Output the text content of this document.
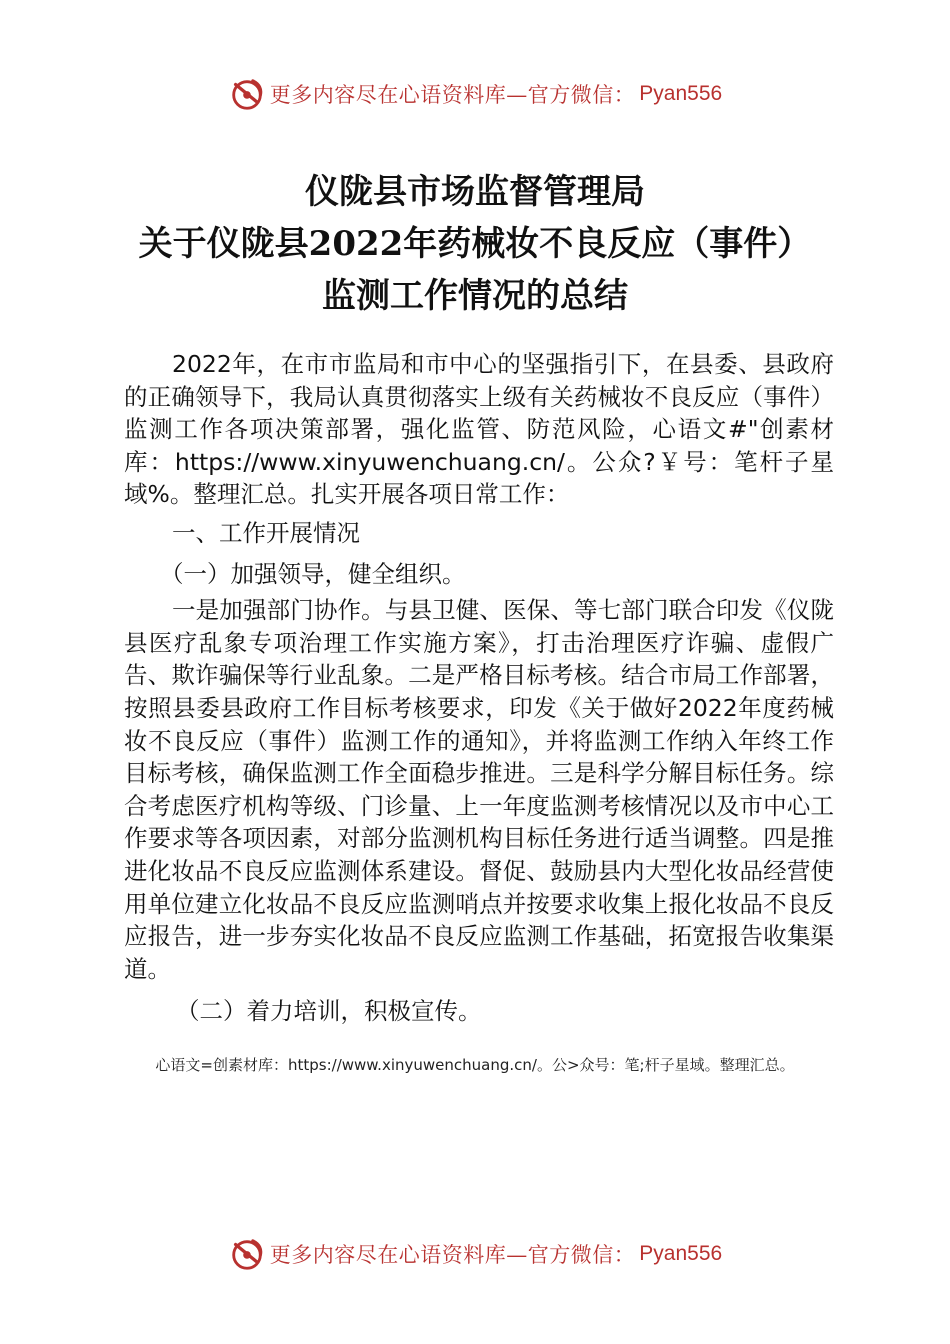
更多内容尽在心语资料库—官方微信： Pyan556
仪陇县市场监督管理局
关于仪陇县2022年药械妆不良反应（事件）
监测工作情况的总结

2022年，在市市监局和市中心的坚强指引下，在县委、县政府的正确领导下，我局认真贯彻落实上级有关药械妆不良反应（事件）监测工作各项决策部署，强化监管、防范风险，心语文#"创素材库：https://www.xinyuwenchuang.cn/。公众?￥号：笔杆子星域%。整理汇总。扎实开展各项日常工作：

一、工作开展情况

（一）加强领导，健全组织。

一是加强部门协作。与县卫健、医保、等七部门联合印发《仪陇县医疗乱象专项治理工作实施方案》，打击治理医疗诈骗、虚假广告、欺诈骗保等行业乱象。二是严格目标考核。结合市局工作部署，按照县委县政府工作目标考核要求，印发《关于做好2022年度药械妆不良反应（事件）监测工作的通知》，并将监测工作纳入年终工作目标考核，确保监测工作全面稳步推进。三是科学分解目标任务。综合考虑医疗机构等级、门诊量、上一年度监测考核情况以及市中心工作要求等各项因素，对部分监测机构目标任务进行适当调整。四是推进化妆品不良反应监测体系建设。督促、鼓励县内大型化妆品经营使用单位建立化妆品不良反应监测哨点并按要求收集上报化妆品不良反应报告，进一步夯实化妆品不良反应监测工作基础，拓宽报告收集渠道。

（二）着力培训，积极宣传。

心语文=创素材库：https://www.xinyuwenchuang.cn/。公>众号：笔;杆子星域。整理汇总。
更多内容尽在心语资料库—官方微信： Pyan556
